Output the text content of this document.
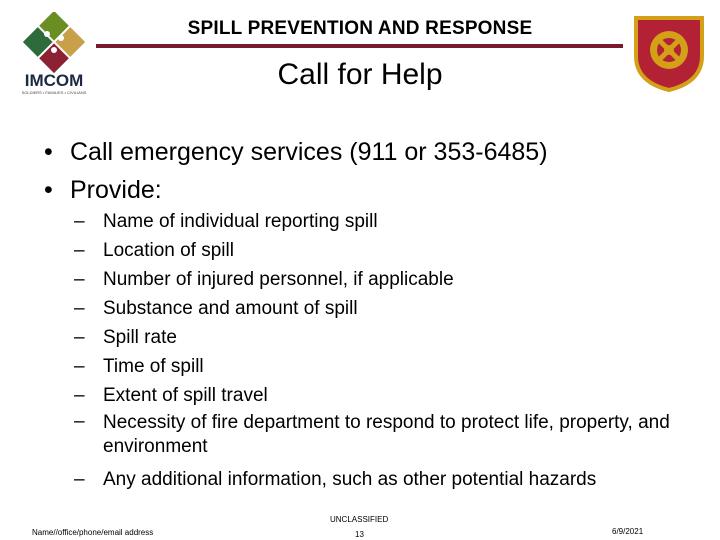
SPILL PREVENTION AND RESPONSE
IMCOM
SOLDIERS • FAMILIES • CIVILIANS
Call for Help
• Call emergency services (911 or 353-6485)
• Provide:
– Name of individual reporting spill
– Location of spill
– Number of injured personnel, if applicable
– Substance and amount of spill
– Spill rate
– Time of spill
– Extent of spill travel
– Necessity of fire department to respond to protect life, property, and environment
– Any additional information, such as other potential hazards
Name//office/phone/email address
UNCLASSIFIED
13	6/9/2021
